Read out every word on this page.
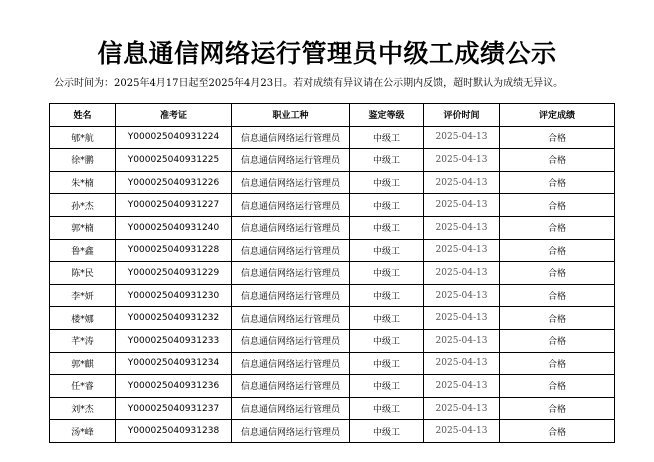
信息通信网络运行管理员中级工成绩公示
公示时间为：2025年4月17日起至2025年4月23日。若对成绩有异议请在公示期内反馈，超时默认为成绩无异议。
姓名	准考证	职业工种	鉴定等级	评价时间	评定成绩
郇*航	Y000025040931224	信息通信网络运行管理员	中级工	2025-04-13	合格
徐*鹏	Y000025040931225	信息通信网络运行管理员	中级工	2025-04-13	合格
朱*楠	Y000025040931226	信息通信网络运行管理员	中级工	2025-04-13	合格
孙*杰	Y000025040931227	信息通信网络运行管理员	中级工	2025-04-13	合格
郭*楠	Y000025040931240	信息通信网络运行管理员	中级工	2025-04-13	合格
鲁*鑫	Y000025040931228	信息通信网络运行管理员	中级工	2025-04-13	合格
陈*民	Y000025040931229	信息通信网络运行管理员	中级工	2025-04-13	合格
李*妍	Y000025040931230	信息通信网络运行管理员	中级工	2025-04-13	合格
楼*娜	Y000025040931232	信息通信网络运行管理员	中级工	2025-04-13	合格
芊*涛	Y000025040931233	信息通信网络运行管理员	中级工	2025-04-13	合格
郭*麒	Y000025040931234	信息通信网络运行管理员	中级工	2025-04-13	合格
任*睿	Y000025040931236	信息通信网络运行管理员	中级工	2025-04-13	合格
刘*杰	Y000025040931237	信息通信网络运行管理员	中级工	2025-04-13	合格
汤*峰	Y000025040931238	信息通信网络运行管理员	中级工	2025-04-13	合格
